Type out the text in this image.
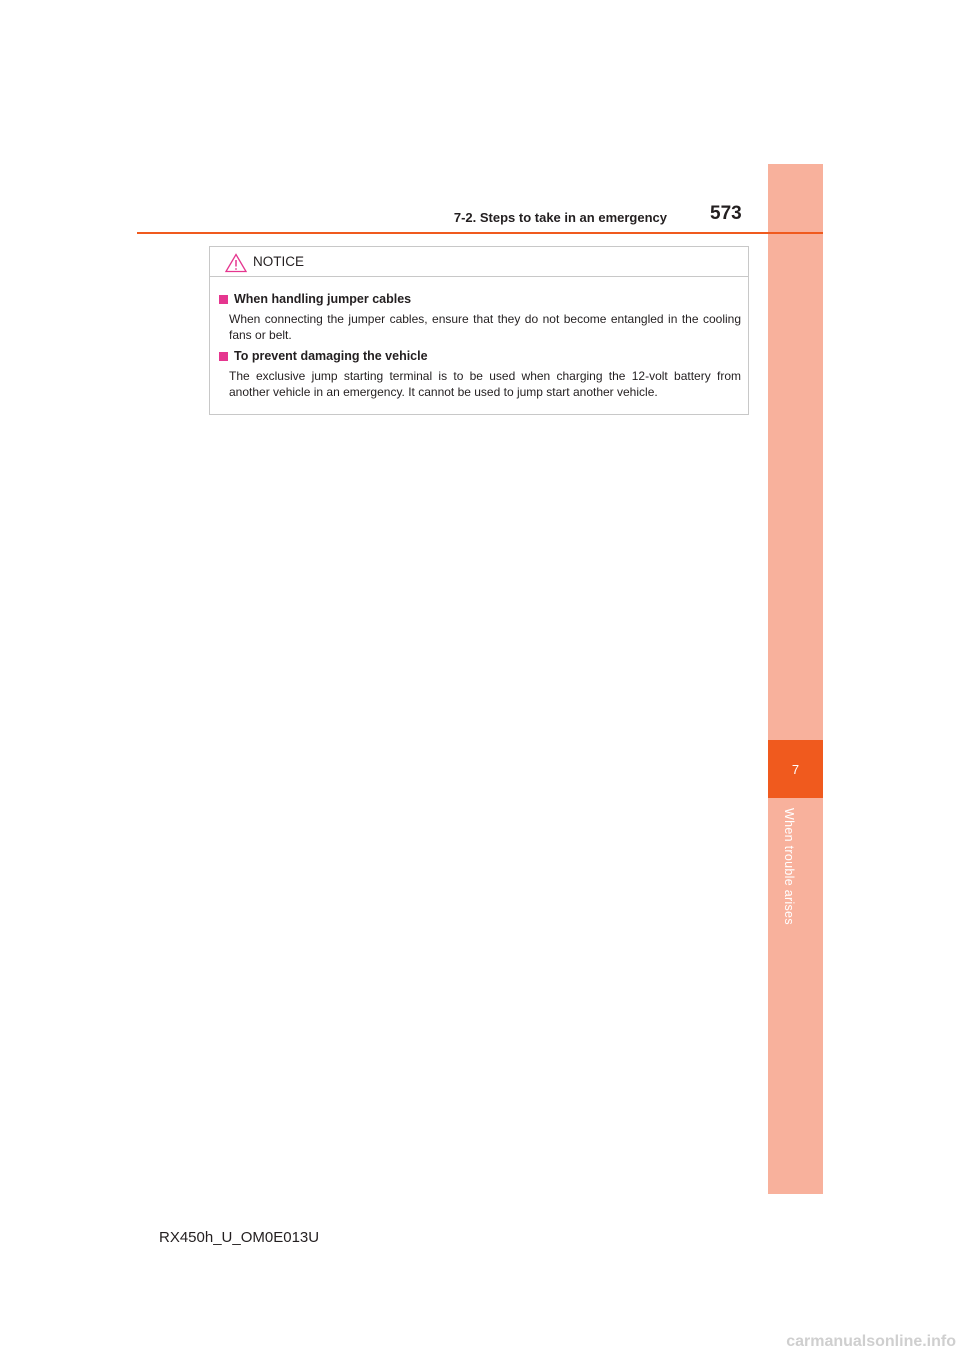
7
When trouble arises
7-2. Steps to take in an emergency 573
NOTICE
When handling jumper cables
When connecting the jumper cables, ensure that they do not become entangled in the cooling fans or belt.
To prevent damaging the vehicle
The exclusive jump starting terminal is to be used when charging the 12-volt battery from another vehicle in an emergency. It cannot be used to jump start another vehicle.
RX450h_U_OM0E013U
carmanualsonline.info
